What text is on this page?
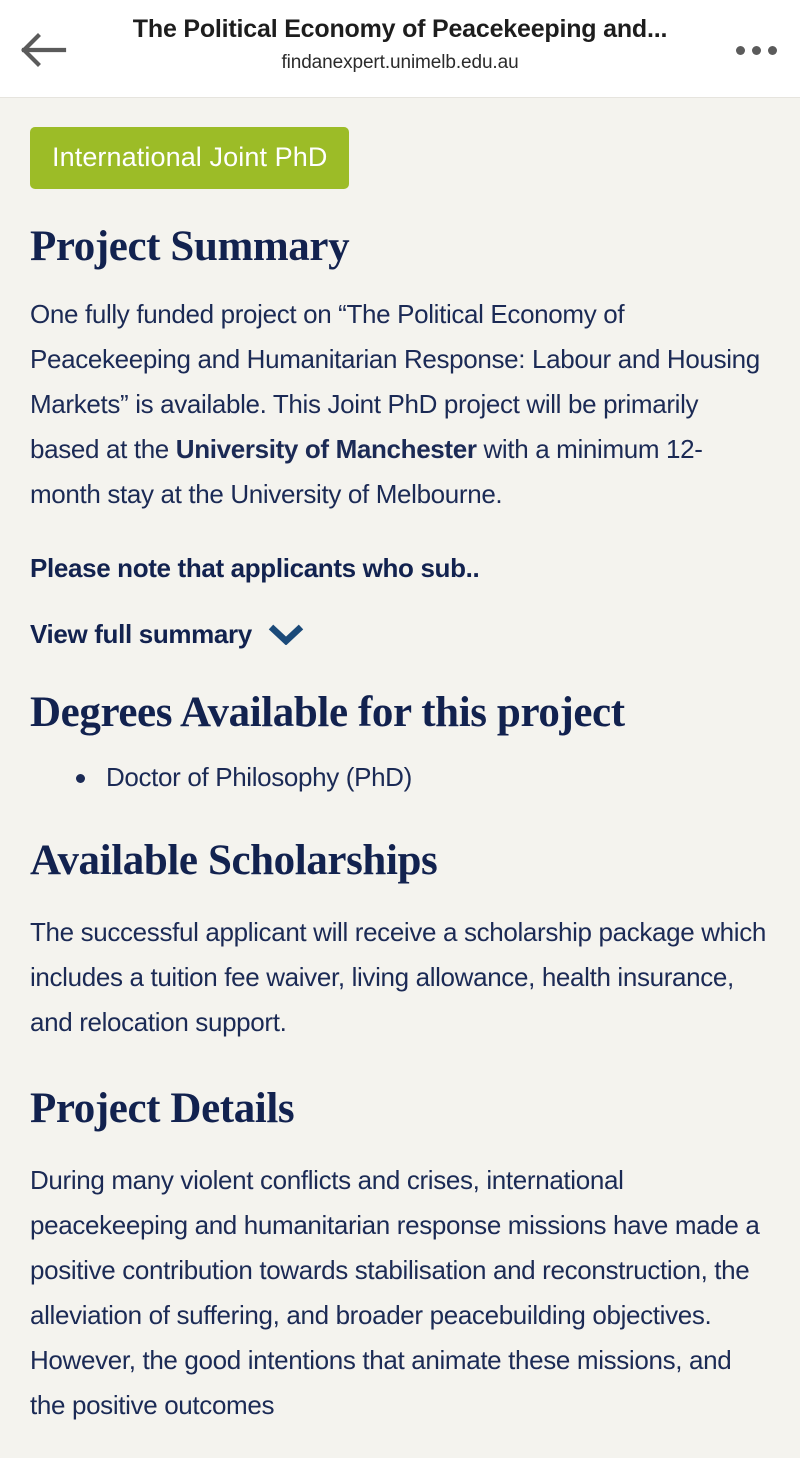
The Political Economy of Peacekeeping and...
findanexpert.unimelb.edu.au
International Joint PhD
Project Summary

One fully funded project on “The Political Economy of Peacekeeping and Humanitarian Response: Labour and Housing Markets” is available. This Joint PhD project will be primarily based at the University of Manchester with a minimum 12-month stay at the University of Melbourne.

Please note that applicants who sub..

View full summary
Degrees Available for this project
Doctor of Philosophy (PhD)
Available Scholarships

The successful applicant will receive a scholarship package which includes a tuition fee waiver, living allowance, health insurance, and relocation support.

Project Details

During many violent conflicts and crises, international peacekeeping and humanitarian response missions have made a positive contribution towards stabilisation and reconstruction, the alleviation of suffering, and broader peacebuilding objectives. However, the good intentions that animate these missions, and the positive outcomes
